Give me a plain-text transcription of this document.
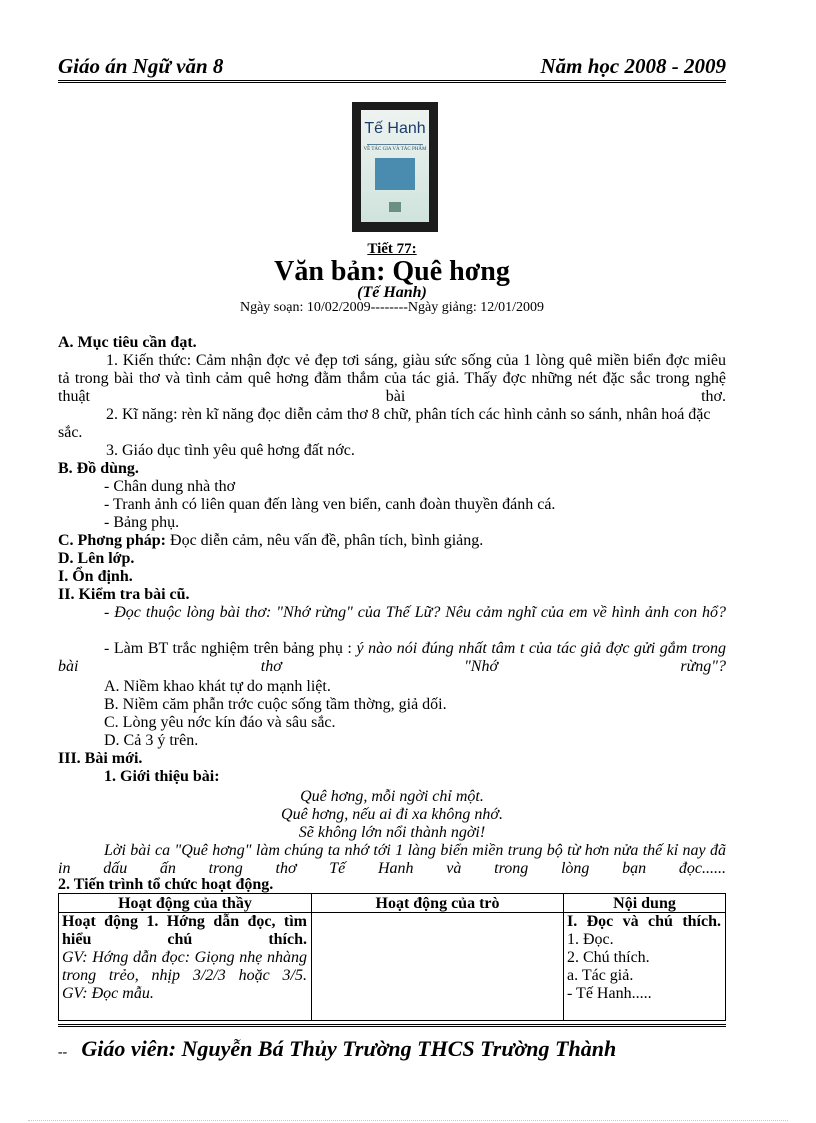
Giáo án Ngữ văn 8	Năm học 2008 - 2009
Tế Hanh
VỀ TÁC GIA VÀ TÁC PHẨM
Tiết 77:
Văn bản: Quê hơng
(Tế Hanh)
Ngày soạn: 10/02/2009--------Ngày giảng: 12/01/2009
A. Mục tiêu cần đạt.
1. Kiến thức: Cảm nhận đợc vẻ đẹp tơi sáng, giàu sức sống của 1 lòng quê miền biển đợc miêu tả trong bài thơ và tình cảm quê hơng đằm thắm của tác giả. Thấy đợc những nét đặc sắc trong nghệ thuật bài thơ.
2. Kĩ năng: rèn kĩ năng đọc diễn cảm thơ 8 chữ, phân tích các hình cảnh so sánh, nhân hoá đặc sắc.
3. Giáo dục tình yêu quê hơng đất nớc.
B. Đồ dùng.
- Chân dung nhà thơ
- Tranh ảnh có liên quan đến làng ven biển, canh đoàn thuyền đánh cá.
- Bảng phụ.
C. Phơng pháp: Đọc diễn cảm, nêu vấn đề, phân tích, bình giảng.
D. Lên lớp.
I. Ổn định.
II. Kiểm tra bài cũ.
- Đọc thuộc lòng bài thơ: "Nhớ rừng" của Thế Lữ? Nêu cảm nghĩ của em về hình ảnh con hổ?
- Làm BT trắc nghiệm trên bảng phụ : ý nào nói đúng nhất tâm t của tác giả đợc gửi gắm trong bài thơ "Nhớ rừng"?
A. Niềm khao khát tự do mạnh liệt.
B. Niềm căm phẫn trớc cuộc sống tầm thờng, giả dối.
C. Lòng yêu nớc kín đáo và sâu sắc.
D. Cả 3 ý trên.
III. Bài mới.
1. Giới thiệu bài:
Quê hơng, mỗi ngời chỉ một.
Quê hơng, nếu ai đi xa không nhớ.
Sẽ không lớn nổi thành ngời!
Lời bài ca "Quê hơng" làm chúng ta nhớ tới 1 làng biển miền trung bộ từ hơn nửa thế kỉ nay đã in dấu ấn trong thơ Tế Hanh và trong lòng bạn đọc......
2. Tiến trình tổ chức hoạt động.
Hoạt động của thầy
Hoạt động 1. Hớng dẫn đọc, tìm hiểu chú thích.
GV: Hớng dẫn đọc: Giọng nhẹ nhàng trong trẻo, nhịp 3/2/3 hoặc 3/5.
GV: Đọc mẫu.
Hoạt động của trò	Nội dung
I. Đọc và chú thích.
1. Đọc.
2. Chú thích.
a. Tác giả.
- Tế Hanh.....
-- Giáo viên: Nguyễn Bá Thủy Trường THCS Trường Thành
